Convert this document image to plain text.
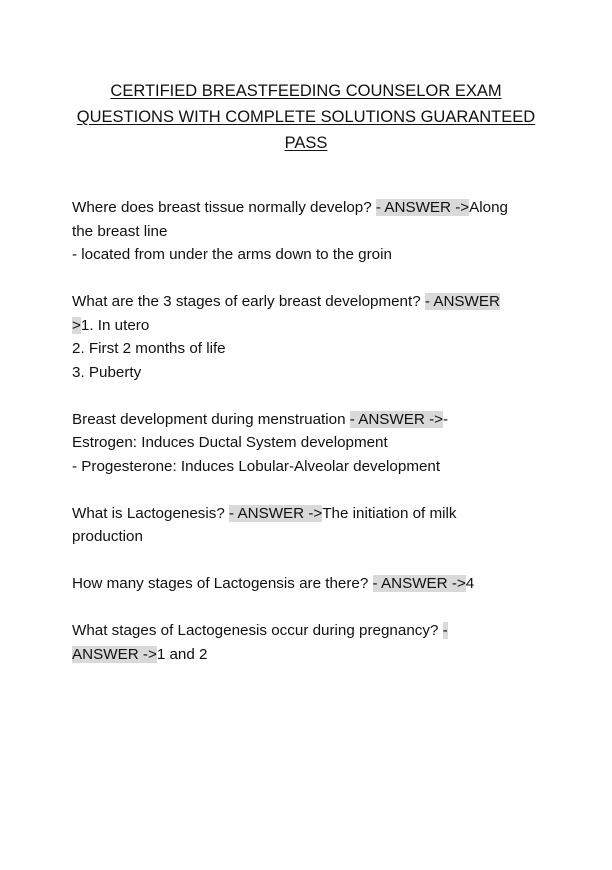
CERTIFIED BREASTFEEDING COUNSELOR EXAM
QUESTIONS WITH COMPLETE SOLUTIONS GUARANTEED
PASS

Where does breast tissue normally develop? - ANSWER ->Along

the breast line

- located from under the arms down to the groin

What are the 3 stages of early breast development? - ANSWER

>1. In utero

2. First 2 months of life

3. Puberty

Breast development during menstruation - ANSWER ->-

Estrogen: Induces Ductal System development

- Progesterone: Induces Lobular-Alveolar development

What is Lactogenesis? - ANSWER ->The initiation of milk

production

How many stages of Lactogensis are there? - ANSWER ->4

What stages of Lactogenesis occur during pregnancy? -

ANSWER ->1 and 2
